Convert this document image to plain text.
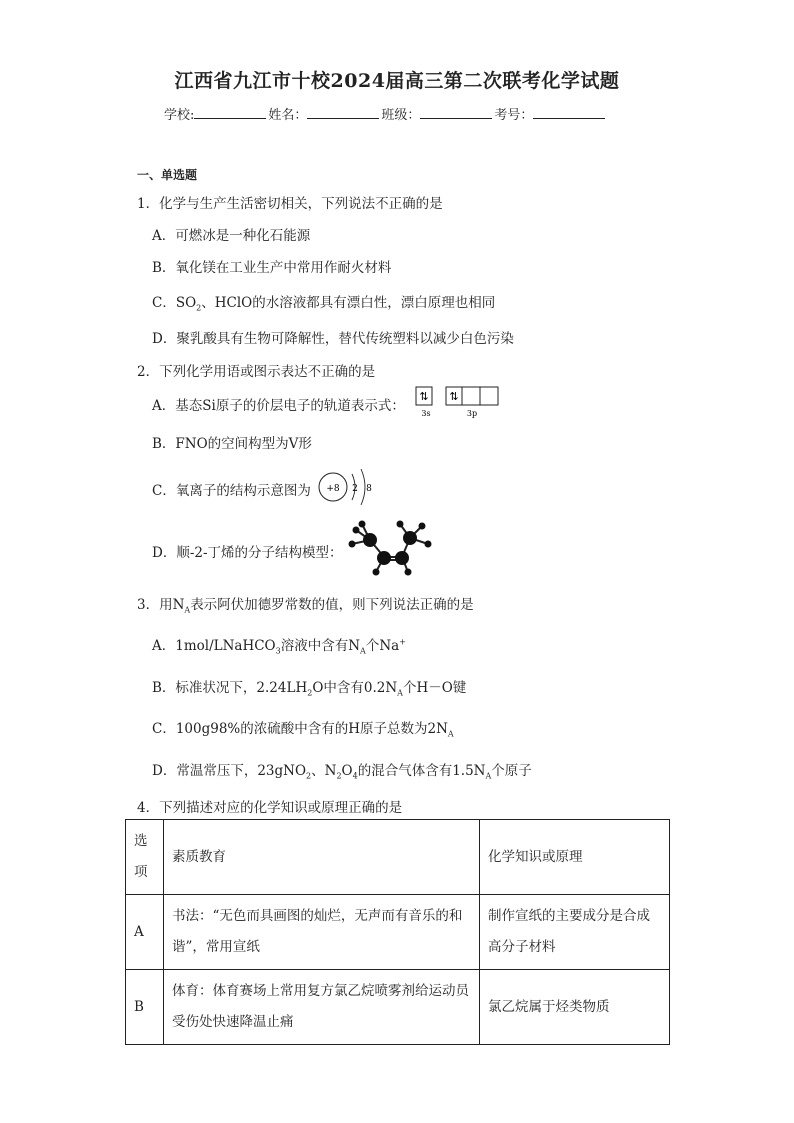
江西省九江市十校2024届高三第二次联考化学试题
学校:	姓名：	班级：	考号：
一、单选题
1．化学与生产生活密切相关，下列说法不正确的是
A．可燃冰是一种化石能源
B．氧化镁在工业生产中常用作耐火材料
C．$SO_2$、HClO的水溶液都具有漂白性，漂白原理也相同
D．聚乳酸具有生物可降解性，替代传统塑料以减少白色污染
2．下列化学用语或图示表达不正确的是
A．基态Si原子的价层电子的轨道表示式：
⇅ ⇅
3s	3p
B．FNO的空间构型为V形
C．氧离子的结构示意图为 +8 2 8
D．顺-2-丁烯的分子结构模型：
3．用$N_A$表示阿伏加德罗常数的值，则下列说法正确的是
A．1mol/LNaHCO$_3$溶液中含有$N_A$个Na+
B．标准状况下，$2.24LH_2O$中含有$0.2N_A$个H－O键
C．100g98%的浓硫酸中含有的H原子总数为$2N_A$
D．常温常压下，23gNO$_2$、$N_2O_4$的混合气体含有$1.5N_A$个原子
4．下列描述对应的化学知识或原理正确的是
选项	素质教育	化学知识或原理
A	书法：“无色而具画图的灿烂，无声而有音乐的和谐”，常用宣纸	制作宣纸的主要成分是合成高分子材料
B	体育：体育赛场上常用复方氯乙烷喷雾剂给运动员受伤处快速降温止痛	氯乙烷属于烃类物质
